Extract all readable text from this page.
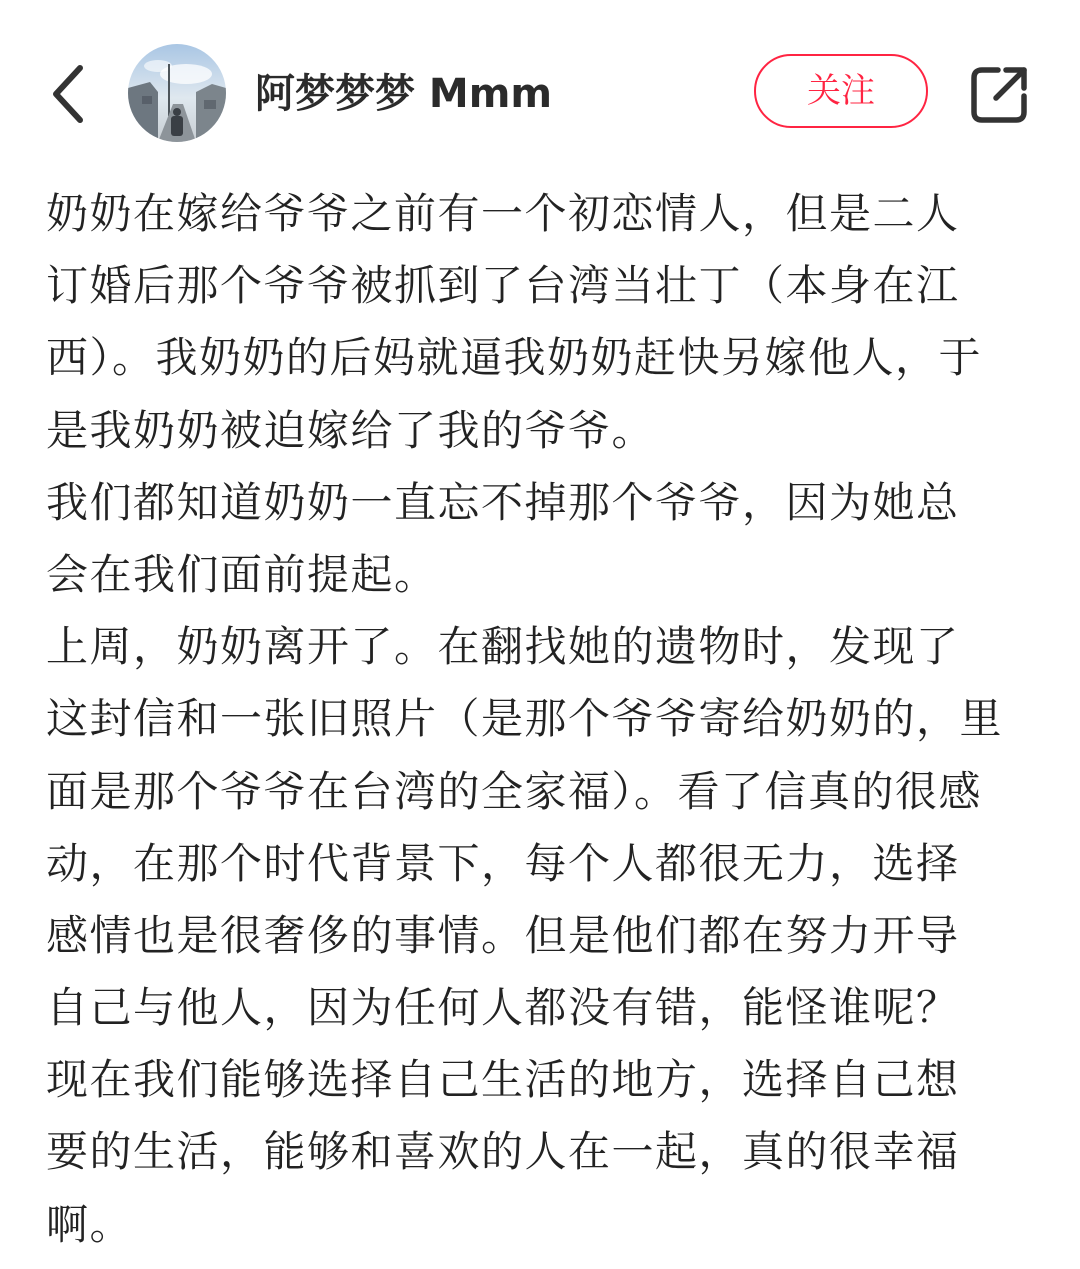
阿梦梦梦 Mmm	关注
奶奶在嫁给爷爷之前有一个初恋情人，但是二人
订婚后那个爷爷被抓到了台湾当壮丁（本身在江
西）。我奶奶的后妈就逼我奶奶赶快另嫁他人，于
是我奶奶被迫嫁给了我的爷爷。
我们都知道奶奶一直忘不掉那个爷爷，因为她总
会在我们面前提起。
上周，奶奶离开了。在翻找她的遗物时，发现了
这封信和一张旧照片（是那个爷爷寄给奶奶的，里
面是那个爷爷在台湾的全家福）。看了信真的很感
动，在那个时代背景下，每个人都很无力，选择
感情也是很奢侈的事情。但是他们都在努力开导
自己与他人，因为任何人都没有错，能怪谁呢？
现在我们能够选择自己生活的地方，选择自己想
要的生活，能够和喜欢的人在一起，真的很幸福
啊。
